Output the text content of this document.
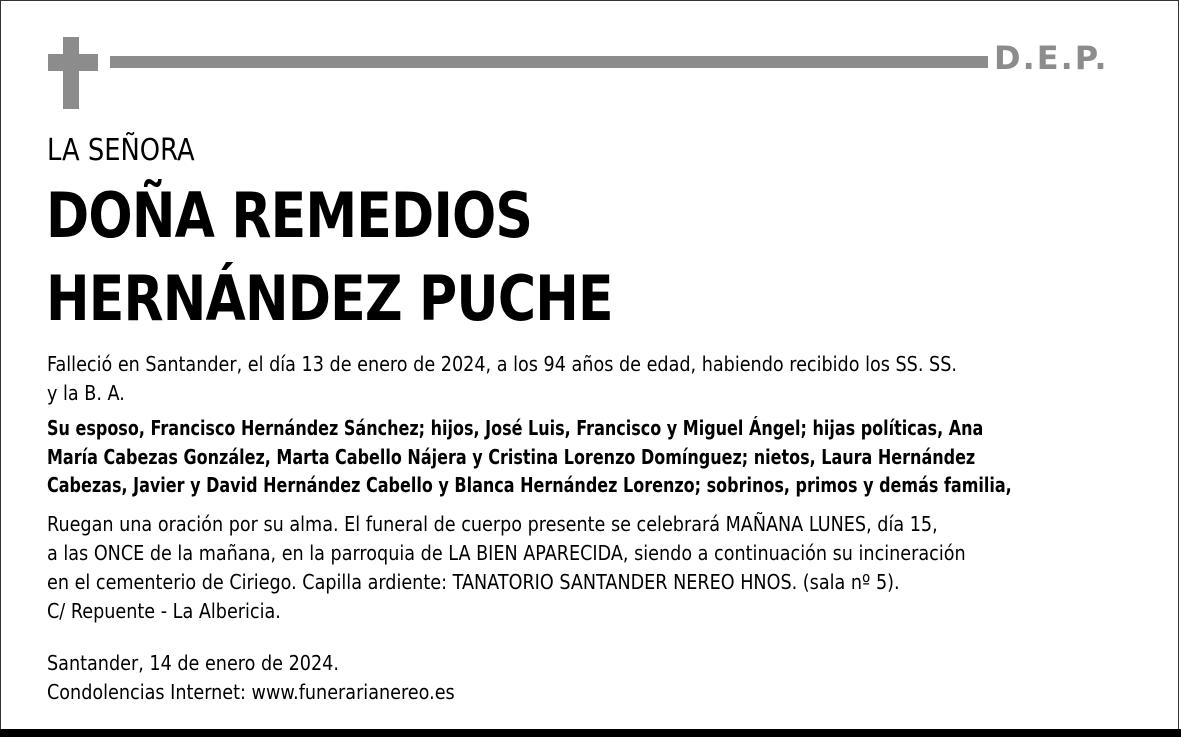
D.E.P.
LA SEÑORA
DOÑA REMEDIOS
HERNÁNDEZ PUCHE
Falleció en Santander, el día 13 de enero de 2024, a los 94 años de edad, habiendo recibido los SS. SS.
y la B. A.
Su esposo, Francisco Hernández Sánchez; hijos, José Luis, Francisco y Miguel Ángel; hijas políticas, Ana
María Cabezas González, Marta Cabello Nájera y Cristina Lorenzo Domínguez; nietos, Laura Hernández
Cabezas, Javier y David Hernández Cabello y Blanca Hernández Lorenzo; sobrinos, primos y demás familia,
Ruegan una oración por su alma. El funeral de cuerpo presente se celebrará MAÑANA LUNES, día 15,
a las ONCE de la mañana, en la parroquia de LA BIEN APARECIDA, siendo a continuación su incineración
en el cementerio de Ciriego. Capilla ardiente: TANATORIO SANTANDER NEREO HNOS. (sala nº 5).
C/ Repuente - La Albericia.
Santander, 14 de enero de 2024.
Condolencias Internet: www.funerarianereo.es
